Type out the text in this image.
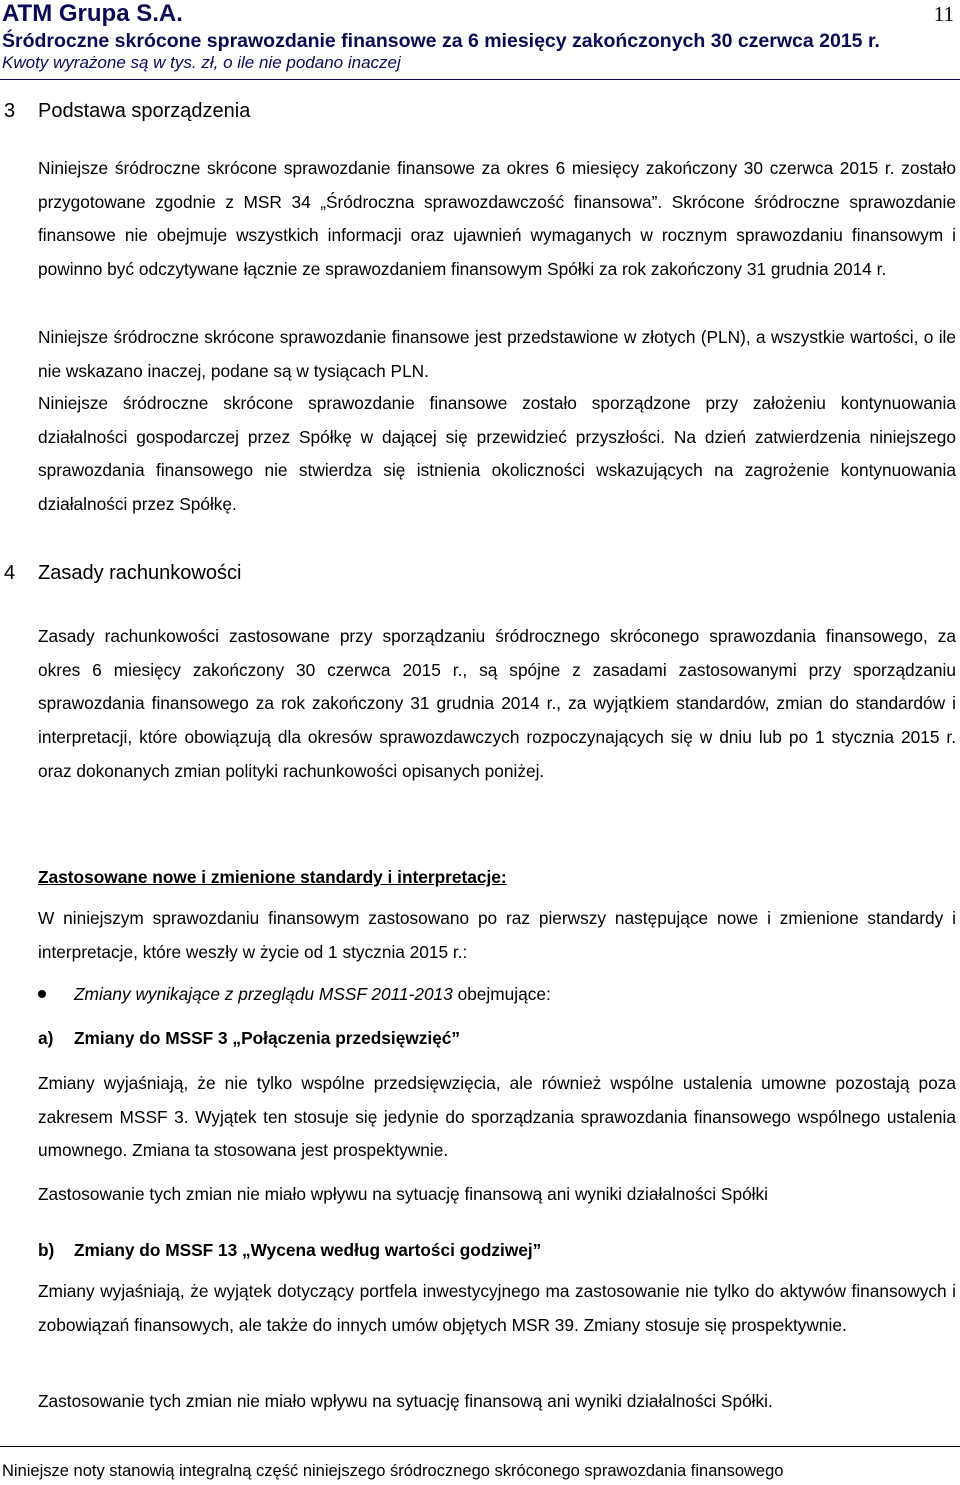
ATM Grupa S.A.	11
Śródroczne skrócone sprawozdanie finansowe za 6 miesięcy zakończonych 30 czerwca 2015 r.
Kwoty wyrażone są w tys. zł, o ile nie podano inaczej
3 Podstawa sporządzenia
Niniejsze śródroczne skrócone sprawozdanie finansowe za okres 6 miesięcy zakończony 30 czerwca 2015 r. zostało przygotowane zgodnie z MSR 34 „Śródroczna sprawozdawczość finansowa”. Skrócone śródroczne sprawozdanie finansowe nie obejmuje wszystkich informacji oraz ujawnień wymaganych w rocznym sprawozdaniu finansowym i powinno być odczytywane łącznie ze sprawozdaniem finansowym Spółki za rok zakończony 31 grudnia 2014 r.
Niniejsze śródroczne skrócone sprawozdanie finansowe jest przedstawione w złotych (PLN), a wszystkie wartości, o ile nie wskazano inaczej, podane są w tysiącach PLN.
Niniejsze śródroczne skrócone sprawozdanie finansowe zostało sporządzone przy założeniu kontynuowania działalności gospodarczej przez Spółkę w dającej się przewidzieć przyszłości. Na dzień zatwierdzenia niniejszego sprawozdania finansowego nie stwierdza się istnienia okoliczności wskazujących na zagrożenie kontynuowania działalności przez Spółkę.
4 Zasady rachunkowości
Zasady rachunkowości zastosowane przy sporządzaniu śródrocznego skróconego sprawozdania finansowego, za okres 6 miesięcy zakończony 30 czerwca 2015 r., są spójne z zasadami zastosowanymi przy sporządzaniu sprawozdania finansowego za rok zakończony 31 grudnia 2014 r., za wyjątkiem standardów, zmian do standardów i interpretacji, które obowiązują dla okresów sprawozdawczych rozpoczynających się w dniu lub po 1 stycznia 2015 r. oraz dokonanych zmian polityki rachunkowości opisanych poniżej.
Zastosowane nowe i zmienione standardy i interpretacje:
W niniejszym sprawozdaniu finansowym zastosowano po raz pierwszy następujące nowe i zmienione standardy i interpretacje, które weszły w życie od 1 stycznia 2015 r.:
Zmiany wynikające z przeglądu MSSF 2011-2013 obejmujące:
a) Zmiany do MSSF 3 „Połączenia przedsięwzięć”
Zmiany wyjaśniają, że nie tylko wspólne przedsięwzięcia, ale również wspólne ustalenia umowne pozostają poza zakresem MSSF 3. Wyjątek ten stosuje się jedynie do sporządzania sprawozdania finansowego wspólnego ustalenia umownego. Zmiana ta stosowana jest prospektywnie.
Zastosowanie tych zmian nie miało wpływu na sytuację finansową ani wyniki działalności Spółki
b) Zmiany do MSSF 13 „Wycena według wartości godziwej”
Zmiany wyjaśniają, że wyjątek dotyczący portfela inwestycyjnego ma zastosowanie nie tylko do aktywów finansowych i zobowiązań finansowych, ale także do innych umów objętych MSR 39. Zmiany stosuje się prospektywnie.
Zastosowanie tych zmian nie miało wpływu na sytuację finansową ani wyniki działalności Spółki.
Niniejsze noty stanowią integralną część niniejszego śródrocznego skróconego sprawozdania finansowego
